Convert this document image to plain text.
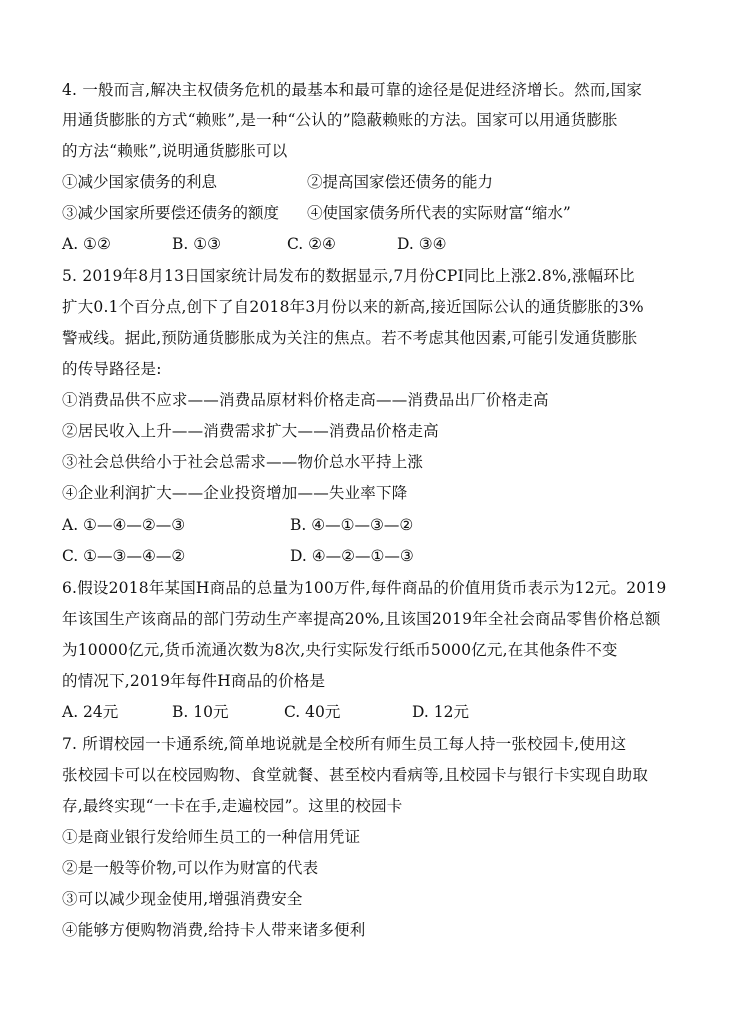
4. 一般而言,解决主权债务危机的最基本和最可靠的途径是促进经济增长。然而,国家
用通货膨胀的方式“赖账”,是一种“公认的”隐蔽赖账的方法。国家可以用通货膨胀
的方法“赖账”,说明通货膨胀可以
①减少国家债务的利息	②提高国家偿还债务的能力
③减少国家所要偿还债务的额度 ④使国家债务所代表的实际财富“缩水”
A. ①②	B. ①③	C. ②④	D. ③④
5. 2019年8月13日国家统计局发布的数据显示,7月份CPI同比上涨2.8%,涨幅环比
扩大0.1个百分点,创下了自2018年3月份以来的新高,接近国际公认的通货膨胀的3%
警戒线。据此,预防通货膨胀成为关注的焦点。若不考虑其他因素,可能引发通货膨胀
的传导路径是:
①消费品供不应求——消费品原材料价格走高——消费品出厂价格走高
②居民收入上升——消费需求扩大——消费品价格走高
③社会总供给小于社会总需求——物价总水平持上涨
④企业利润扩大——企业投资增加——失业率下降
A. ①—④—②—③	B. ④—①—③—②
C. ①—③—④—②	D. ④—②—①—③
6.假设2018年某国H商品的总量为100万件,每件商品的价值用货币表示为12元。2019
年该国生产该商品的部门劳动生产率提高20%,且该国2019年全社会商品零售价格总额
为10000亿元,货币流通次数为8次,央行实际发行纸币5000亿元,在其他条件不变
的情况下,2019年每件H商品的价格是
A. 24元	B. 10元	C. 40元	D. 12元
7. 所谓校园一卡通系统,简单地说就是全校所有师生员工每人持一张校园卡,使用这
张校园卡可以在校园购物、食堂就餐、甚至校内看病等,且校园卡与银行卡实现自助取
存,最终实现“一卡在手,走遍校园”。这里的校园卡
①是商业银行发给师生员工的一种信用凭证
②是一般等价物,可以作为财富的代表
③可以减少现金使用,增强消费安全
④能够方便购物消费,给持卡人带来诸多便利
